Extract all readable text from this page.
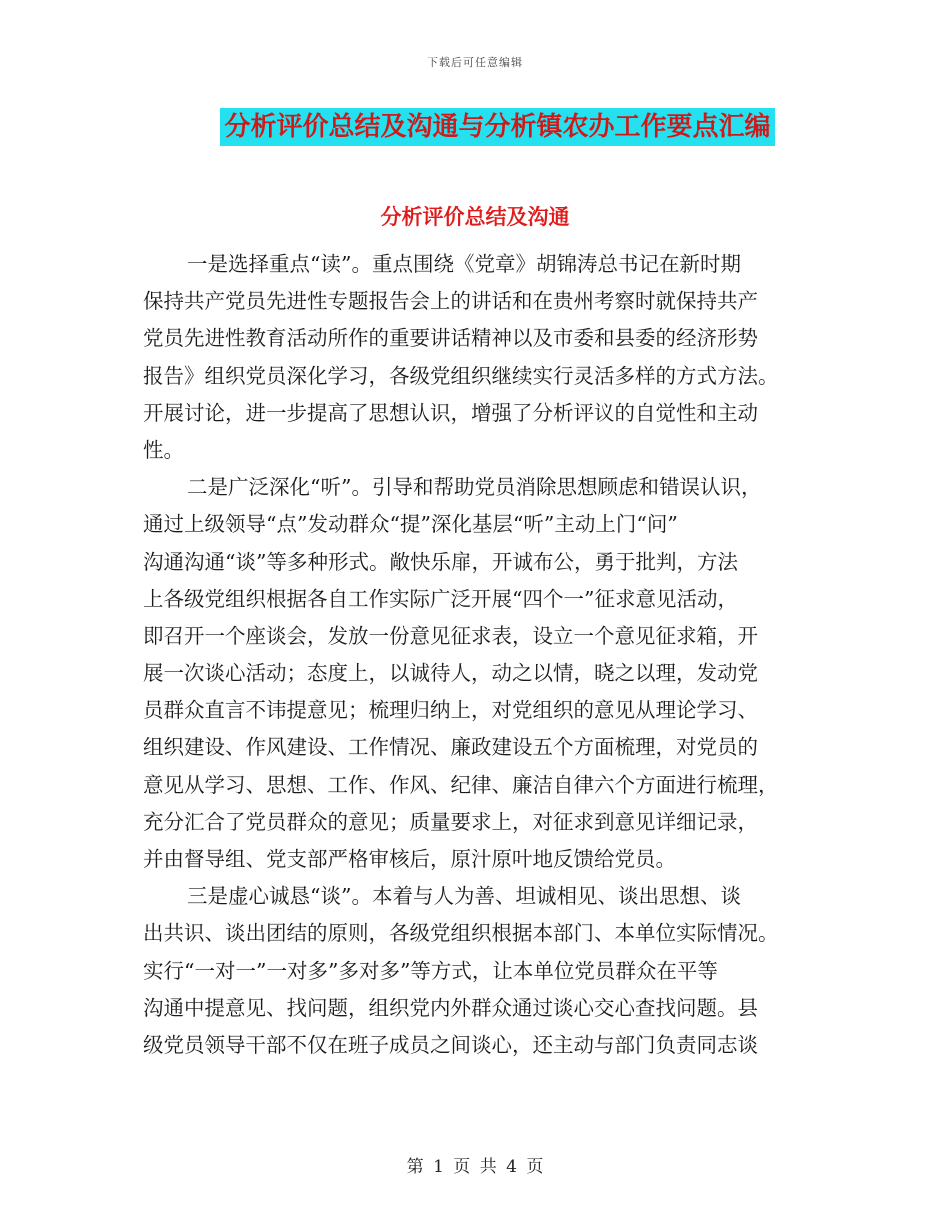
下载后可任意编辑
分析评价总结及沟通与分析镇农办工作要点汇编
分析评价总结及沟通
一是选择重点“读”。重点围绕《党章》胡锦涛总书记在新时期
保持共产党员先进性专题报告会上的讲话和在贵州考察时就保持共产
党员先进性教育活动所作的重要讲话精神以及市委和县委的经济形势
报告》组织党员深化学习，各级党组织继续实行灵活多样的方式方法。
开展讨论，进一步提高了思想认识，增强了分析评议的自觉性和主动
性。
二是广泛深化“听”。引导和帮助党员消除思想顾虑和错误认识，
通过上级领导“点”发动群众“提”深化基层“听”主动上门“问”
沟通沟通“谈”等多种形式。敞快乐扉，开诚布公，勇于批判，方法
上各级党组织根据各自工作实际广泛开展“四个一”征求意见活动，
即召开一个座谈会，发放一份意见征求表，设立一个意见征求箱，开
展一次谈心活动；态度上，以诚待人，动之以情，晓之以理，发动党
员群众直言不讳提意见；梳理归纳上，对党组织的意见从理论学习、
组织建设、作风建设、工作情况、廉政建设五个方面梳理，对党员的
意见从学习、思想、工作、作风、纪律、廉洁自律六个方面进行梳理，
充分汇合了党员群众的意见；质量要求上，对征求到意见详细记录，
并由督导组、党支部严格审核后，原汁原叶地反馈给党员。
三是虚心诚恳“谈”。本着与人为善、坦诚相见、谈出思想、谈
出共识、谈出团结的原则，各级党组织根据本部门、本单位实际情况。
实行“一对一”一对多”多对多”等方式，让本单位党员群众在平等
沟通中提意见、找问题，组织党内外群众通过谈心交心查找问题。县
级党员领导干部不仅在班子成员之间谈心，还主动与部门负责同志谈
第 1 页 共 4 页
